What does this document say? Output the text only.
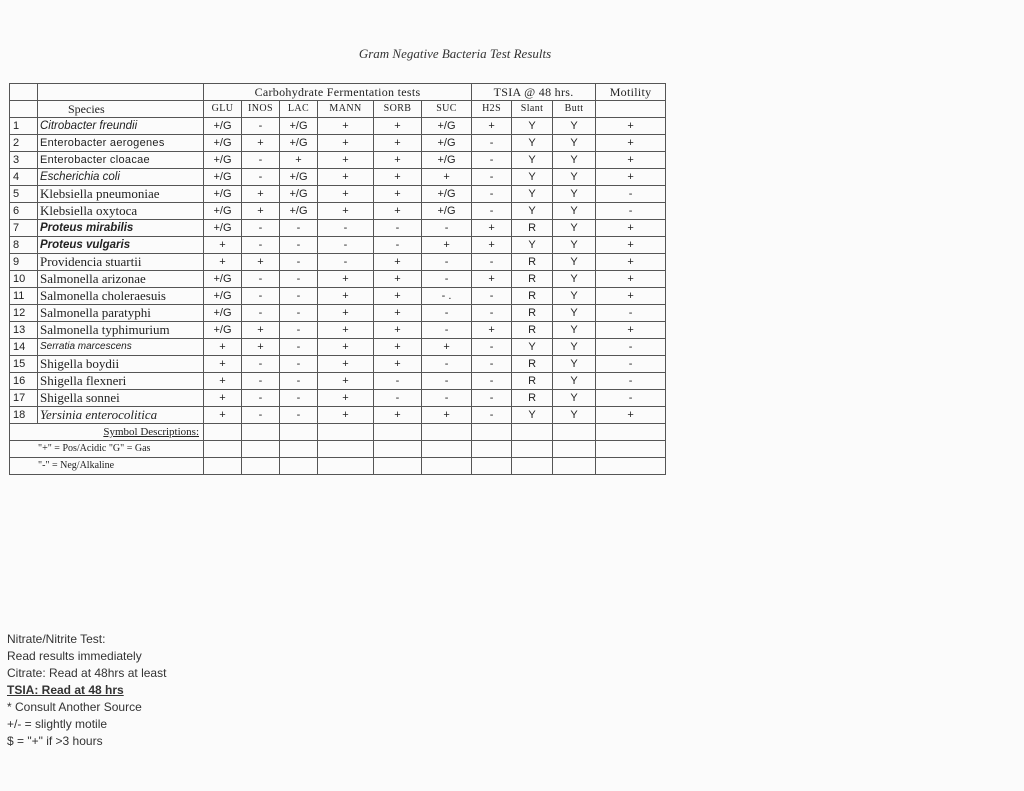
Gram Negative Bacteria Test Results
		Carbohydrate Fermentation tests						TSIA @ 48 hrs.			Motility
	Species	GLU	INOS	LAC	MANN	SORB	SUC	H2S	Slant	Butt	
1	Citrobacter freundii	+/G	-	+/G	+	+	+/G	+	Y	Y	+
2	Enterobacter aerogenes	+/G	+	+/G	+	+	+/G	-	Y	Y	+
3	Enterobacter cloacae	+/G	-	+	+	+	+/G	-	Y	Y	+
4	Escherichia coli	+/G	-	+/G	+	+	+	-	Y	Y	+
5	Klebsiella pneumoniae	+/G	+	+/G	+	+	+/G	-	Y	Y	-
6	Klebsiella oxytoca	+/G	+	+/G	+	+	+/G	-	Y	Y	-
7	Proteus mirabilis	+/G	-	-	-	-	-	+	R	Y	+
8	Proteus vulgaris	+	-	-	-	-	+	+	Y	Y	+
9	Providencia stuartii	+	+	-	-	+	-	-	R	Y	+
10	Salmonella arizonae	+/G	-	-	+	+	-	+	R	Y	+
11	Salmonella choleraesuis	+/G	-	-	+	+	- .	-	R	Y	+
12	Salmonella paratyphi	+/G	-	-	+	+	-	-	R	Y	-
13	Salmonella typhimurium	+/G	+	-	+	+	-	+	R	Y	+
14	Serratia marcescens	+	+	-	+	+	+	-	Y	Y	-
15	Shigella boydii	+	-	-	+	+	-	-	R	Y	-
16	Shigella flexneri	+	-	-	+	-	-	-	R	Y	-
17	Shigella sonnei	+	-	-	+	-	-	-	R	Y	-
18	Yersinia enterocolitica	+	-	-	+	+	+	-	Y	Y	+
Symbol Descriptions:											
"+" = Pos/Acidic "G" = Gas											
"-" = Neg/Alkaline											
Nitrate/Nitrite Test:
Read results immediately
Citrate: Read at 48hrs at least
TSIA: Read at 48 hrs
* Consult Another Source
+/- = slightly motile
$ = "+" if >3 hours
